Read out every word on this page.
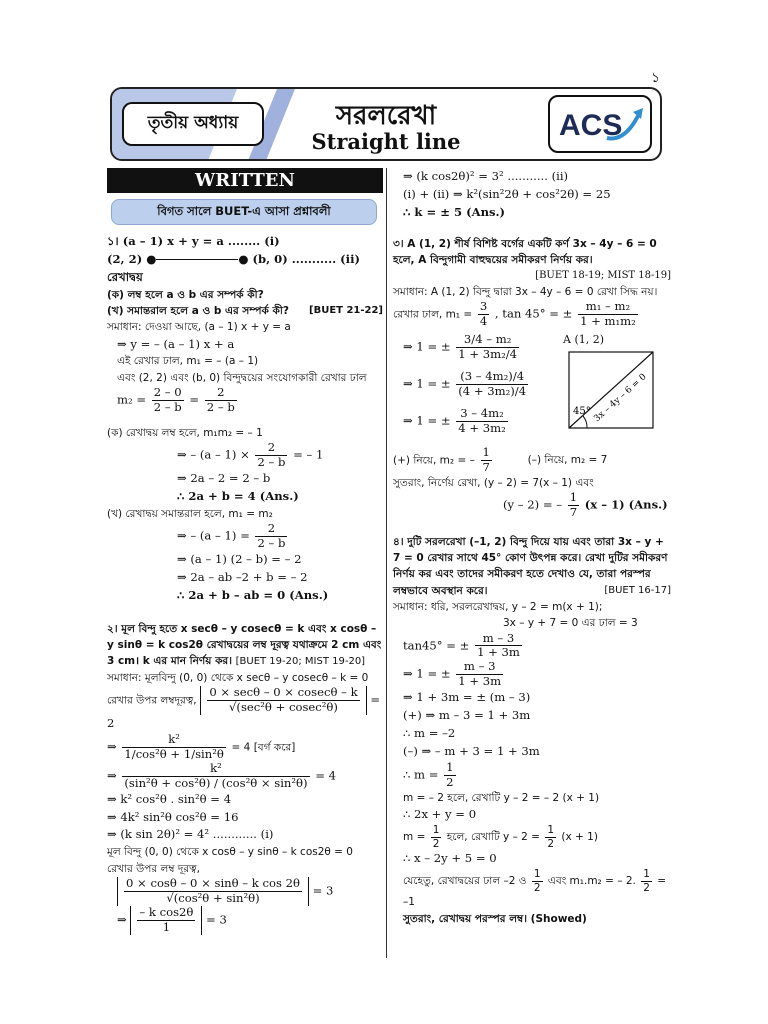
১
তৃতীয় অধ্যায়	সরলরেখা
Straight line	ACS
WRITTEN
বিগত সালে BUET-এ আসা প্রশ্নাবলী

১। (a – 1) x + y = a ........ (i)

(2, 2) ●	● (b, 0) ........... (ii) রেখাদ্বয়

(ক) লম্ব হলে a ও b এর সম্পর্ক কী?

(খ) সমান্তরাল হলে a ও b এর সম্পর্ক কী? [BUET 21-22]

সমাধান: দেওয়া আছে, (a – 1) x + y = a

⇒ y = – (a – 1) x + a

এই রেখার ঢাল, m₁ = – (a – 1)

এবং (2, 2) এবং (b, 0) বিন্দুদ্বয়ের সংযোগকারী রেখার ঢাল

$m_2 = \frac{2 - 0}{2 - b} = \frac{2}{2 - b}$

(ক) রেখাদ্বয় লম্ব হলে, m₁m₂ = – 1

⇒ – $(a - 1) \times \frac{2}{2 - b}$ = – 1

⇒ 2a – 2 = 2 – b

∴ 2a + b = 4 (Ans.)

(খ) রেখাদ্বয় সমান্তরাল হলে, m₁ = m₂

⇒ – $(a - 1) = \frac{2}{2 - b}$

⇒ (a – 1) (2 – b) = – 2

⇒ 2a – ab –2 + b = – 2

∴ 2a + b – ab = 0 (Ans.)

২। মূল বিন্দু হতে x secθ – y cosecθ = k এবং x cosθ – y sinθ = k cos2θ রেখাদ্বয়ের লম্ব দূরত্ব যথাক্রমে 2 cm এবং 3 cm। k এর মান নির্ণয় কর। [BUET 19-20; MIST 19-20]

সমাধান: মূলবিন্দু (0, 0) থেকে x secθ – y cosecθ – k = 0

রেখার উপর লম্বদূরত্ব, $\frac{0 \times \sec\theta - 0 \times cosec\theta - k}{\text{√(sec²θ + cosec²θ)}} = 2$

⇒ $\frac{\text{k²}}{\text{1/cos²θ + 1/sin²θ}} = 4$ [বর্গ করে]

⇒ $\frac{\text{k²}}{\text{(sin²θ + cos²θ) / (cos²θ × sin²θ)}} = 4$

⇒ k² cos²θ . sin²θ = 4

⇒ 4k² sin²θ cos²θ = 16

⇒ (k sin 2θ)² = 4² ............ (i)

মূল বিন্দু (0, 0) থেকে x cosθ – y sinθ – k cos2θ = 0

রেখার উপর লম্ব দূরত্ব,

$\frac{\text{0 × cosθ – 0 × sinθ – k cos 2θ}}{\text{√(cos²θ + sin²θ)}} = 3$

⇒ $\frac{\text{– k cos2θ}}{1} = 3$

⇒ (k cos2θ)² = 3² ........... (ii)

(i) + (ii) ⇒ k²(sin²2θ + cos²2θ) = 25

∴ k = ± 5 (Ans.)

৩। A (1, 2) শীর্ষ বিশিষ্ট বর্গের একটি কর্ণ 3x – 4y – 6 = 0 হলে, A বিন্দুগামী বাহুদ্বয়ের সমীকরণ নির্ণয় কর।

[BUET 18-19; MIST 18-19]

সমাধান: A (1, 2) বিন্দু দ্বারা 3x – 4y – 6 = 0 রেখা সিদ্ধ নয়।

রেখার ঢাল, $m_1 = \frac{3}{4}$ , tan 45° = ± $\frac{\text{m₁ – m₂}}{\text{1 + m₁m₂}}$

⇒ 1 = ± $\frac{\text{3/4 – m₂}}{\text{1 + 3m₂/4}}$

⇒ 1 = ± $\frac{\text{(3 – 4m₂)/4}}{\text{(4 + 3m₂)/4}}$

⇒ 1 = ± $\frac{\text{3 – 4m₂}}{\text{4 + 3m₂}}$

A (1, 2)
45° 3x – 4y – 6 = 0

(+) নিয়ে, m₂ = – $\frac{1}{7}$	(–) নিয়ে, m₂ = 7

সুতরাং, নির্ণেয় রেখা, (y – 2) = 7(x – 1) এবং

(y – 2) = – $\frac{1}{7} (x - 1)$ (Ans.)

৪। দুটি সরলরেখা (–1, 2) বিন্দু দিয়ে যায় এবং তারা 3x – y + 7 = 0 রেখার সাথে 45° কোণ উৎপন্ন করে। রেখা দুটির সমীকরণ নির্ণয় কর এবং তাদের সমীকরণ হতে দেখাও যে, তারা পরস্পর লম্বভাবে অবস্থান করে।	[BUET 16-17]

সমাধান: ধরি, সরলরেখাদ্বয়, y – 2 = m(x + 1);

3x – y + 7 = 0 এর ঢাল = 3

tan45° = ± $\frac{m - 3}{1 + 3m}$

⇒ 1 = ± $\frac{m - 3}{1 + 3m}$

⇒ 1 + 3m = ± (m – 3)

(+) ⇒ m – 3 = 1 + 3m

∴ m = –2

(–) ⇒ – m + 3 = 1 + 3m

∴ $m = \frac{1}{2}$

m = – 2 হলে, রেখাটি y – 2 = – 2 (x + 1)

∴ 2x + y = 0

$m = \frac{1}{2}$ হলে, রেখাটি $y - 2 = \frac{1}{2} (x + 1)$

∴ x – 2y + 5 = 0

যেহেতু, রেখাদ্বয়ের ঢাল –2 ও $\frac{1}{2}$ এবং m₁.m₂ = – 2. $\frac{1}{2} = -1$

সুতরাং, রেখাদ্বয় পরস্পর লম্ব। (Showed)
